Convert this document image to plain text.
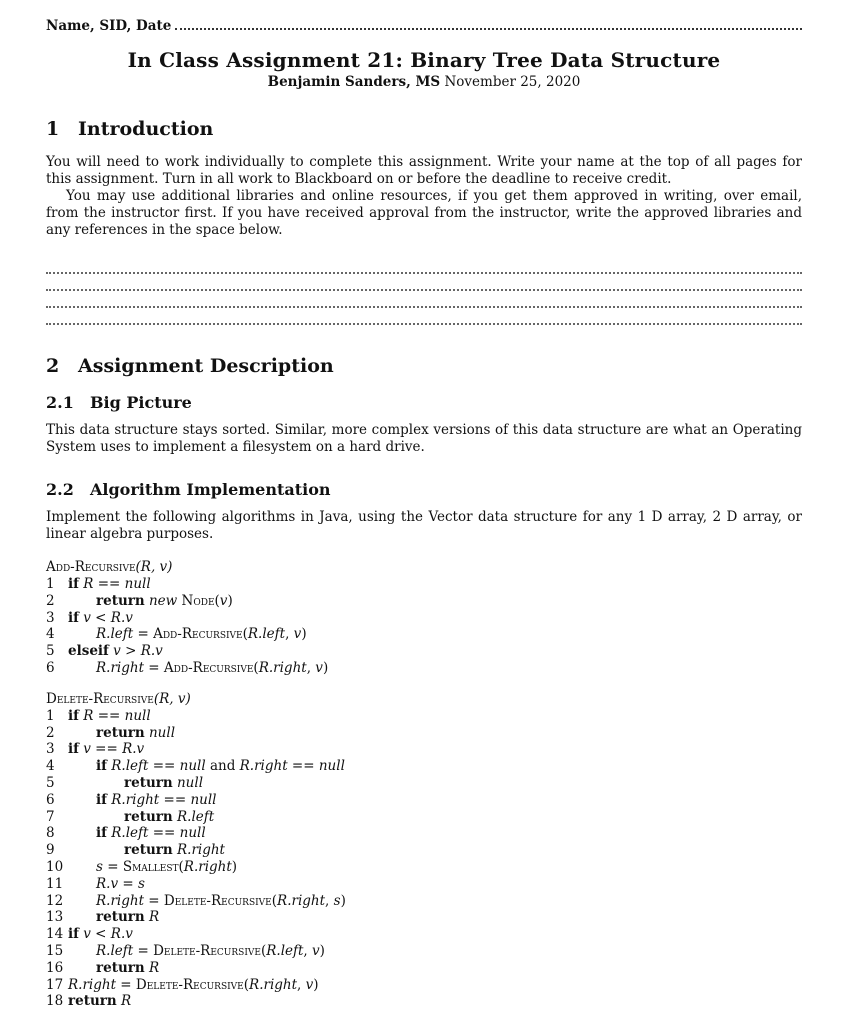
Name, SID, Date
In Class Assignment 21: Binary Tree Data Structure
Benjamin Sanders, MS November 25, 2020
1 Introduction

You will need to work individually to complete this assignment. Write your name at the top of all pages for this assignment. Turn in all work to Blackboard on or before the deadline to receive credit.

You may use additional libraries and online resources, if you get them approved in writing, over email, from the instructor first. If you have received approval from the instructor, write the approved libraries and any references in the space below.

2 Assignment Description
2.1 Big Picture

This data structure stays sorted. Similar, more complex versions of this data structure are what an Operating System uses to implement a filesystem on a hard drive.

2.2 Algorithm Implementation

Implement the following algorithms in Java, using the Vector data structure for any 1 D array, 2 D array, or linear algebra purposes.

Add-Recursive(R, v)
1 if R == null
2	return new Node(v)
3 if v < R.v
4	R.left = Add-Recursive(R.left, v)
5 elseif v > R.v
6	R.right = Add-Recursive(R.right, v)
Delete-Recursive(R, v)
1 if R == null
2	return null
3 if v == R.v
4	if R.left == null and R.right == null
5	return null
6	if R.right == null
7	return R.left
8	if R.left == null
9	return R.right
10 s = Smallest(R.right)
11 R.v = s
12 R.right = Delete-Recursive(R.right, s)
13 return R
14 if v < R.v
15 R.left = Delete-Recursive(R.left, v)
16 return R
17 R.right = Delete-Recursive(R.right, v)
18 return R
